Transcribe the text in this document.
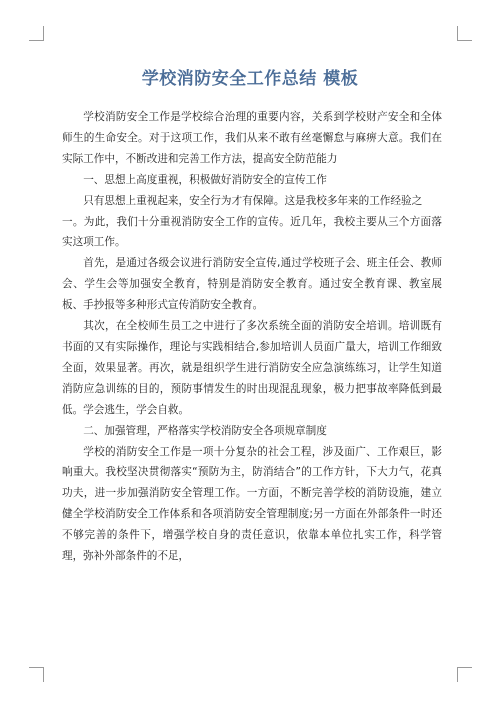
学校消防安全工作总结 模板

学校消防安全工作是学校综合治理的重要内容，关系到学校财产安全和全体师生的生命安全。对于这项工作，我们从来不敢有丝毫懈怠与麻痹大意。我们在实际工作中，不断改进和完善工作方法，提高安全防范能力

一、思想上高度重视，积极做好消防安全的宣传工作

只有思想上重视起来，安全行为才有保障。这是我校多年来的工作经验之

一。为此，我们十分重视消防安全工作的宣传。近几年，我校主要从三个方面落实这项工作。

首先，是通过各级会议进行消防安全宣传,通过学校班子会、班主任会、教师会、学生会等加强安全教育，特别是消防安全教育。通过安全教育课、教室展板、手抄报等多种形式宣传消防安全教育。

其次，在全校师生员工之中进行了多次系统全面的消防安全培训。培训既有书面的又有实际操作，理论与实践相结合,参加培训人员面广量大，培训工作细致全面，效果显著。再次，就是组织学生进行消防安全应急演练练习，让学生知道消防应急训练的目的，预防事情发生的时出现混乱现象，极力把事故率降低到最低。学会逃生，学会自救。

二、加强管理，严格落实学校消防安全各项规章制度

学校的消防安全工作是一项十分复杂的社会工程，涉及面广、工作艰巨，影响重大。我校坚决贯彻落实“预防为主，防消结合”的工作方针，下大力气，花真功夫，进一步加强消防安全管理工作。一方面，不断完善学校的消防设施，建立健全学校消防安全工作体系和各项消防安全管理制度;另一方面在外部条件一时还不够完善的条件下，增强学校自身的责任意识，依靠本单位扎实工作，科学管理，弥补外部条件的不足，
